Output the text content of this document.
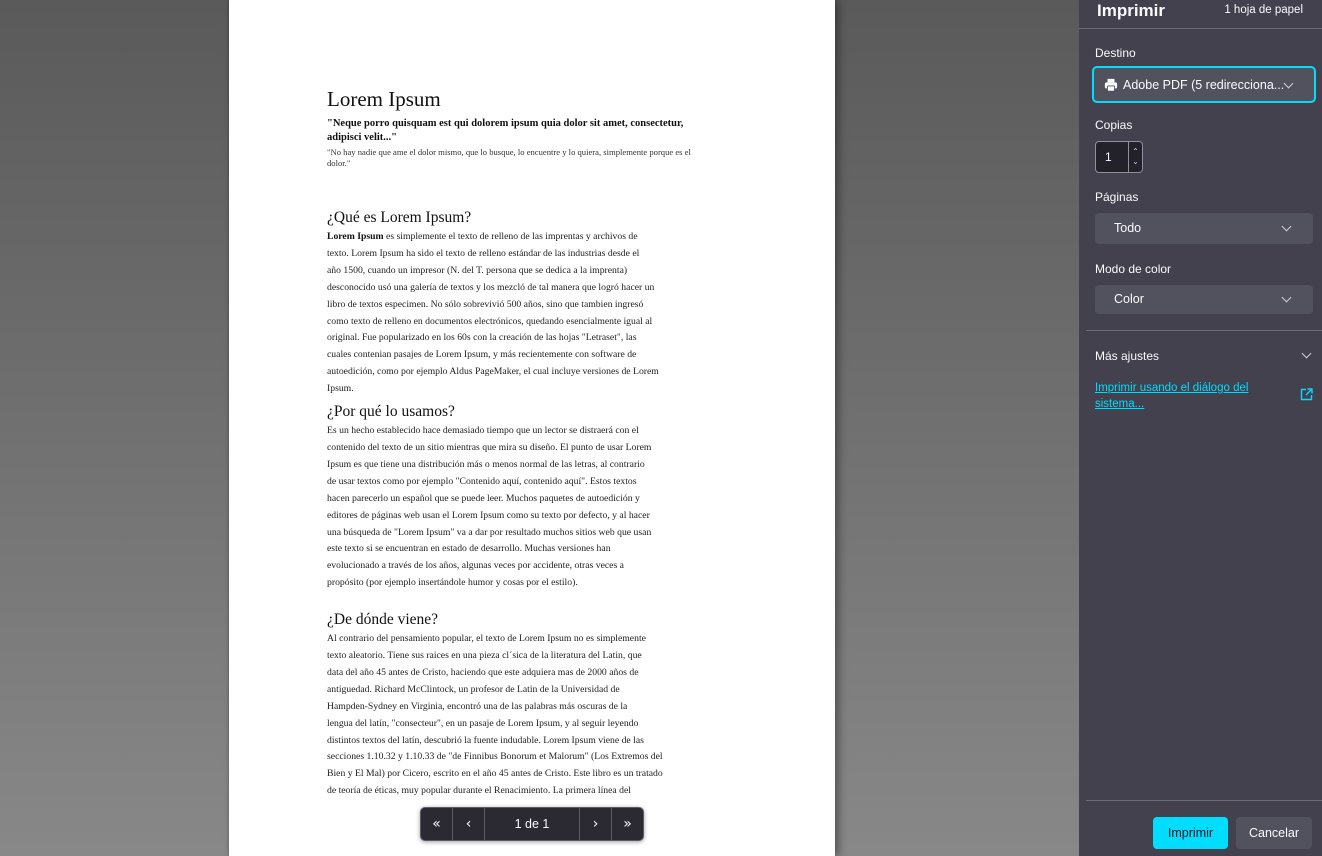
Lorem Ipsum
"Neque porro quisquam est qui dolorem ipsum quia dolor sit amet, consectetur, adipisci velit..."
"No hay nadie que ame el dolor mismo, que lo busque, lo encuentre y lo quiera, simplemente porque es el dolor."
¿Qué es Lorem Ipsum?
Lorem Ipsum es simplemente el texto de relleno de las imprentas y archivos de
texto. Lorem Ipsum ha sido el texto de relleno estándar de las industrias desde el
año 1500, cuando un impresor (N. del T. persona que se dedica a la imprenta)
desconocido usó una galería de textos y los mezcló de tal manera que logró hacer un
libro de textos especimen. No sólo sobrevivió 500 años, sino que tambien ingresó
como texto de relleno en documentos electrónicos, quedando esencialmente igual al
original. Fue popularizado en los 60s con la creación de las hojas "Letraset", las
cuales contenian pasajes de Lorem Ipsum, y más recientemente con software de
autoedición, como por ejemplo Aldus PageMaker, el cual incluye versiones de Lorem
Ipsum.
¿Por qué lo usamos?
Es un hecho establecido hace demasiado tiempo que un lector se distraerá con el
contenido del texto de un sitio mientras que mira su diseño. El punto de usar Lorem
Ipsum es que tiene una distribución más o menos normal de las letras, al contrario
de usar textos como por ejemplo "Contenido aquí, contenido aquí". Estos textos
hacen parecerlo un español que se puede leer. Muchos paquetes de autoedición y
editores de páginas web usan el Lorem Ipsum como su texto por defecto, y al hacer
una búsqueda de "Lorem Ipsum" va a dar por resultado muchos sitios web que usan
este texto si se encuentran en estado de desarrollo. Muchas versiones han
evolucionado a través de los años, algunas veces por accidente, otras veces a
propósito (por ejemplo insertándole humor y cosas por el estilo).
¿De dónde viene?
Al contrario del pensamiento popular, el texto de Lorem Ipsum no es simplemente
texto aleatorio. Tiene sus raices en una pieza cl´sica de la literatura del Latin, que
data del año 45 antes de Cristo, haciendo que este adquiera mas de 2000 años de
antiguedad. Richard McClintock, un profesor de Latin de la Universidad de
Hampden-Sydney en Virginia, encontró una de las palabras más oscuras de la
lengua del latín, "consecteur", en un pasaje de Lorem Ipsum, y al seguir leyendo
distintos textos del latín, descubrió la fuente indudable. Lorem Ipsum viene de las
secciones 1.10.32 y 1.10.33 de "de Finnibus Bonorum et Malorum" (Los Extremos del
Bien y El Mal) por Cicero, escrito en el año 45 antes de Cristo. Este libro es un tratado
de teoría de éticas, muy popular durante el Renacimiento. La primera línea del
« ‹	1 de 1	› »
Imprimir	1 hoja de papel
Destino
Adobe PDF (5 redirecciona...
Copias
1	⌃
⌄
Páginas
Todo
Modo de color
Color
Más ajustes
Imprimir usando el diálogo del sistema...
Imprimir	Cancelar
